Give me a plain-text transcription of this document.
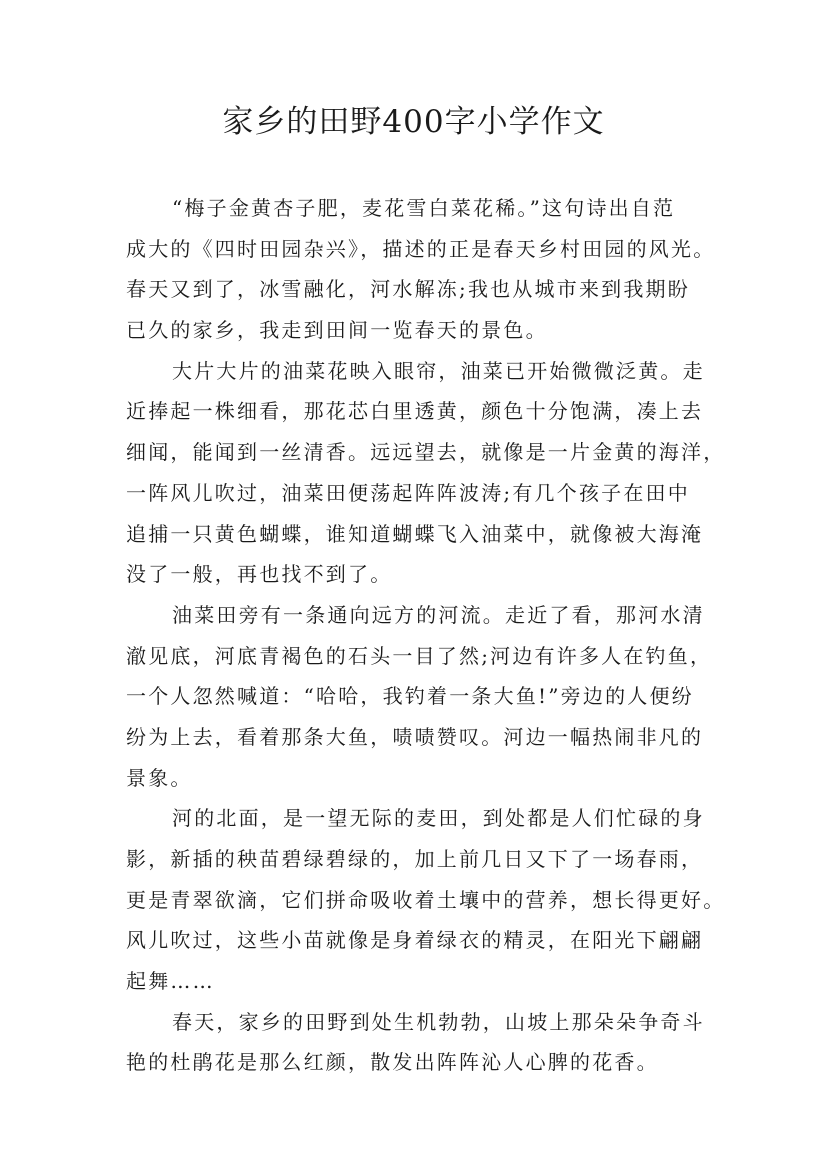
家乡的田野400字小学作文

“梅子金黄杏子肥，麦花雪白菜花稀。”这句诗出自范
成大的《四时田园杂兴》，描述的正是春天乡村田园的风光。
春天又到了，冰雪融化，河水解冻;我也从城市来到我期盼
已久的家乡，我走到田间一览春天的景色。

大片大片的油菜花映入眼帘，油菜已开始微微泛黄。走
近捧起一株细看，那花芯白里透黄，颜色十分饱满，凑上去
细闻，能闻到一丝清香。远远望去，就像是一片金黄的海洋，
一阵风儿吹过，油菜田便荡起阵阵波涛;有几个孩子在田中
追捕一只黄色蝴蝶，谁知道蝴蝶飞入油菜中，就像被大海淹
没了一般，再也找不到了。

油菜田旁有一条通向远方的河流。走近了看，那河水清
澈见底，河底青褐色的石头一目了然;河边有许多人在钓鱼，
一个人忽然喊道：“哈哈，我钓着一条大鱼!”旁边的人便纷
纷为上去，看着那条大鱼，啧啧赞叹。河边一幅热闹非凡的
景象。

河的北面，是一望无际的麦田，到处都是人们忙碌的身
影，新插的秧苗碧绿碧绿的，加上前几日又下了一场春雨，
更是青翠欲滴，它们拼命吸收着土壤中的营养，想长得更好。
风儿吹过，这些小苗就像是身着绿衣的精灵，在阳光下翩翩
起舞……

春天，家乡的田野到处生机勃勃，山坡上那朵朵争奇斗
艳的杜鹃花是那么红颜，散发出阵阵沁人心脾的花香。
